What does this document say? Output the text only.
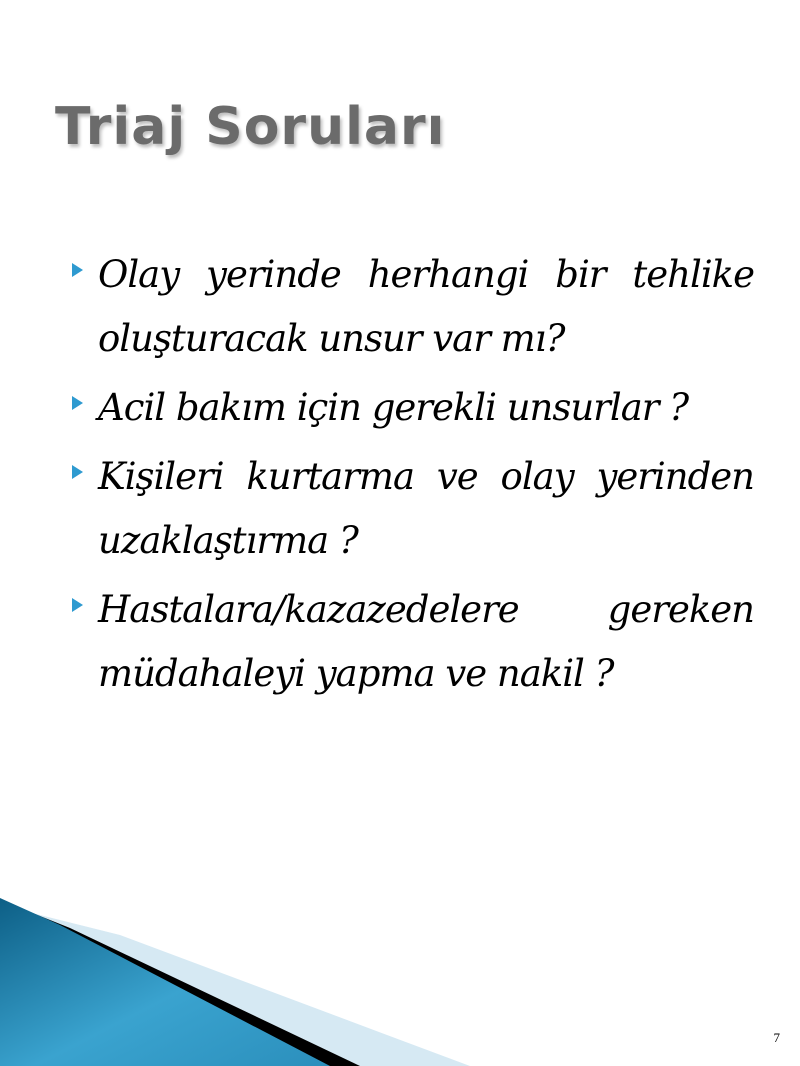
Triaj Soruları
Olay yerinde herhangi bir tehlike oluşturacak unsur var mı?
Acil bakım için gerekli unsurlar ?
Kişileri kurtarma ve olay yerinden uzaklaştırma ?
Hastalara/kazazedelere gereken müdahaleyi yapma ve nakil ?
7
